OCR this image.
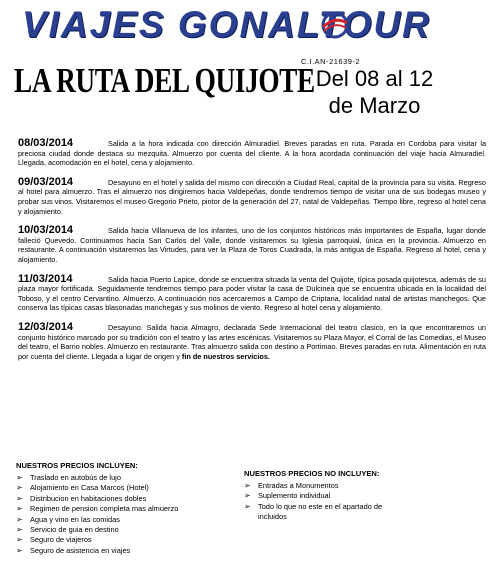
VIAJES GONALTOUR
C.I.AN-21639-2
LA RUTA DEL QUIJOTE Del 08 al 12
de Marzo
08/03/2014	Salida a la hora indicada con dirección Almuradiel. Breves paradas en ruta. Parada en Cordoba para visitar la preciosa ciudad donde destaca su mezquita. Almuerzo por cuenta del cliente. A la hora acordada continuación del viaje hacia Almuradiel. Llegada, acomodación en el hotel, cena y alojamiento.
09/03/2014	Desayuno en el hotel y salida del mismo con dirección a Ciudad Real, capital de la provincia para su visita. Regreso al hotel para almuerzo. Tras el almuerzo nos dirigiremos hacia Valdepeñas, donde tendremos tiempo de visitar una de sus bodegas museo y probar sus vinos. Visitaremos el museo Gregorio Prieto, pintor de la generación del 27, natal de Valdepeñas. Tiempo libre, regreso al hotel cena y alojamiento.
10/03/2014	Salida hacia Villanueva de los infantes, uno de los conjuntos históricos más importantes de España, lugar donde falleció Quevedo. Continuamos hacia San Carlos del Valle, donde visitaremos su Iglesia parroquial, única en la provincia. Almuerzo en restaurante. A continuación visitaremos las Virtudes, para ver la Plaza de Toros Cuadrada, la más antigua de España. Regreso al hotel, cena y alojamiento.
11/03/2014	Salida hacia Puerto Lapice, donde se encuentra situada la venta del Quijote, típica posada quijotesca, además de su plaza mayor fortificada. Seguidamente tendremos tiempo para poder visitar la casa de Dulcinea que se encuentra ubicada en la localidad del Toboso, y el centro Cervantino. Almuerzo. A continuación nos acercaremos a Campo de Criptana, localidad natal de artistas manchegos. Que conserva las típicas casas blasonadas manchegas y sus molinos de viento. Regreso al hotel cena y alojamiento.
12/03/2014	Desayuno. Salida hacia Almagro, declarada Sede Internacional del teatro clasico, en la que encontraremos un conjunto histórico marcado por su tradición con el teatro y las artes escénicas. Visitaremos su Plaza Mayor, el Corral de las Comedias, el Museo del teatro, el Barrio nobles. Almuerzo en restaurante. Tras almuerzo salida con destino a Portimao. Breves paradas en ruta. Alimentación en ruta por cuenta del cliente. Llegada a lugar de origen y fin de nuestros servicios.
NUESTROS PRECIOS INCLUYEN:
➢ Traslado en autobús de lujo
➢ Alojamiento en Casa Marcos (Hotel)
➢ Distribucion en habitaciones dobles
➢ Regimen de pension completa mas almuerzo
➢ Agua y vino en las comidas
➢ Servicio de guia en destino
➢ Seguro de viajeros
➢ Seguro de asistencia en viajes
NUESTROS PRECIOS NO INCLUYEN:
➢ Entradas a Monumentos
➢ Suplemento individual
➢ Todo lo que no este en el apartado de incluidos
